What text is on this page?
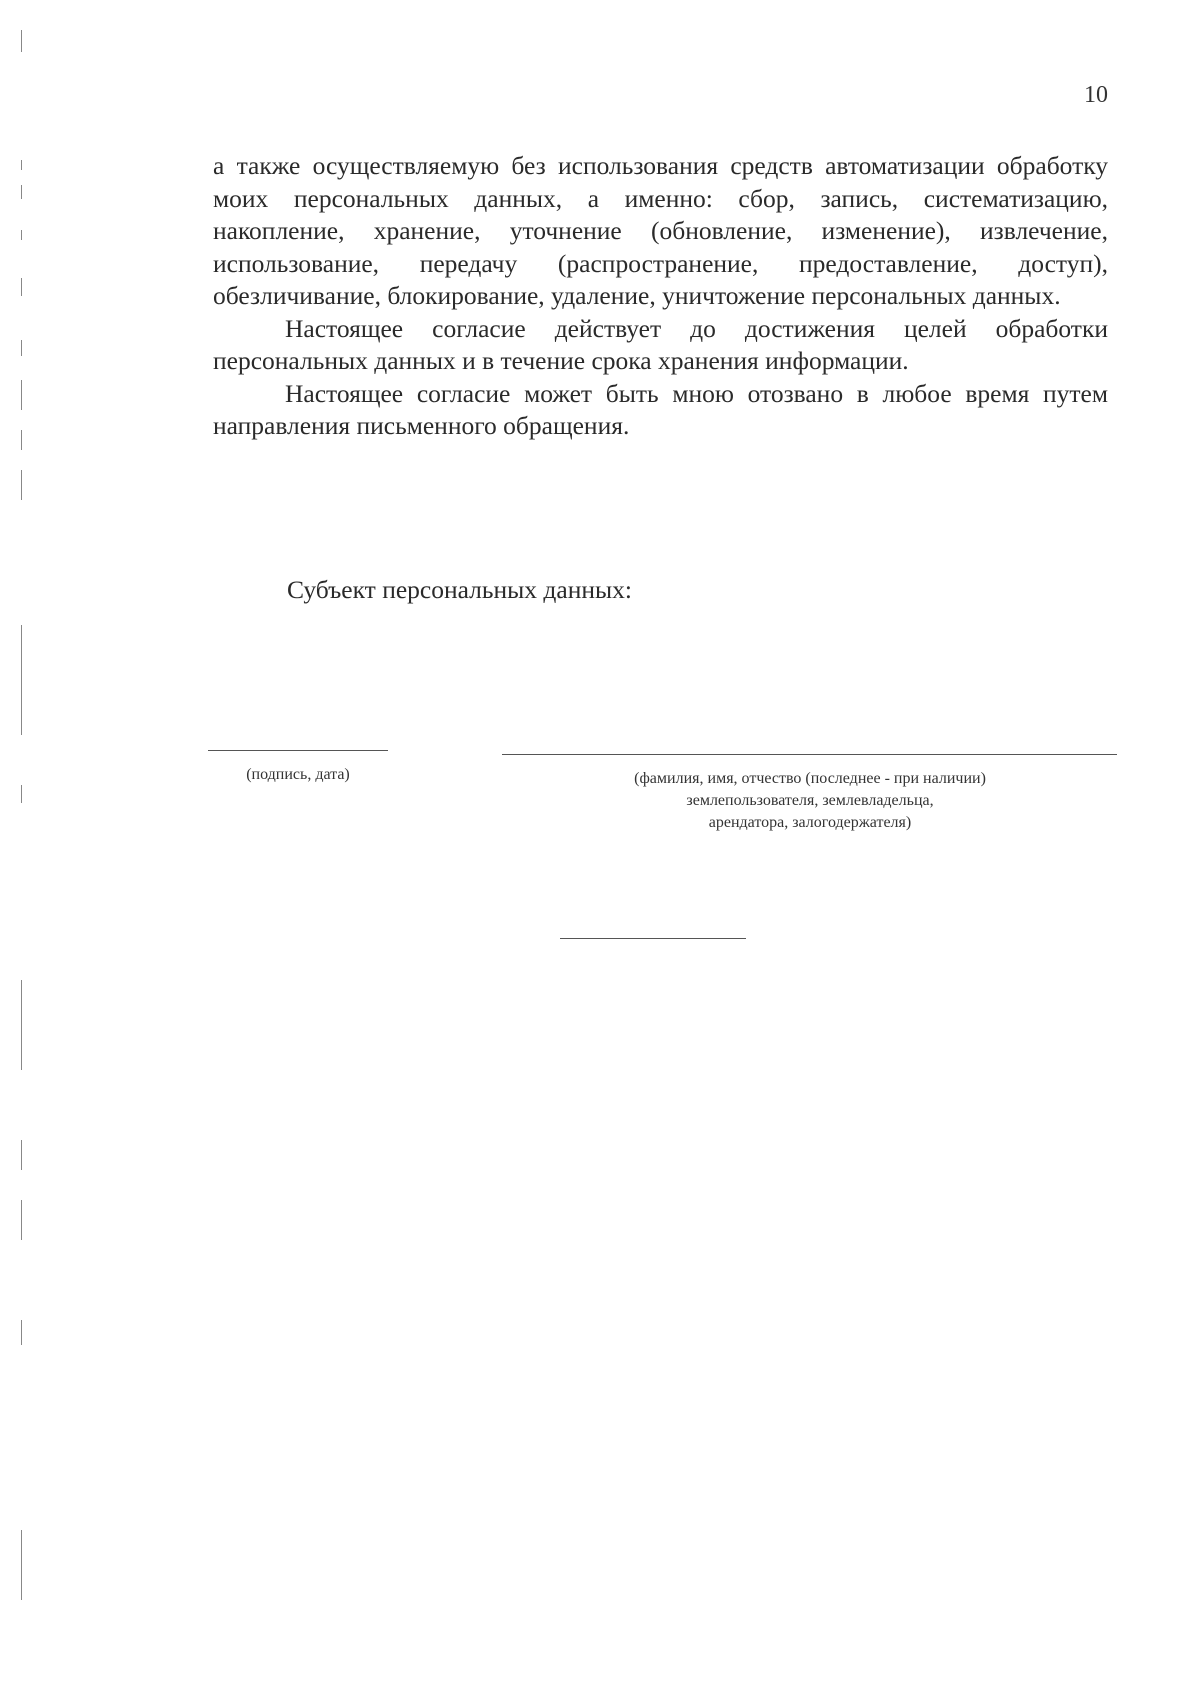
10

а также осуществляемую без использования средств автоматизации обработку моих персональных данных, а именно: сбор, запись, систематизацию, накопление, хранение, уточнение (обновление, изменение), извлечение, использование, передачу (распространение, предоставление, доступ), обезличивание, блокирование, удаление, уничтожение персональных данных.

Настоящее согласие действует до достижения целей обработки персональных данных и в течение срока хранения информации.

Настоящее согласие может быть мною отозвано в любое время путем направления письменного обращения.

Субъект персональных данных:
(подпись, дата)	(фамилия, имя, отчество (последнее - при наличии)
землепользователя, землевладельца,
арендатора, залогодержателя)
